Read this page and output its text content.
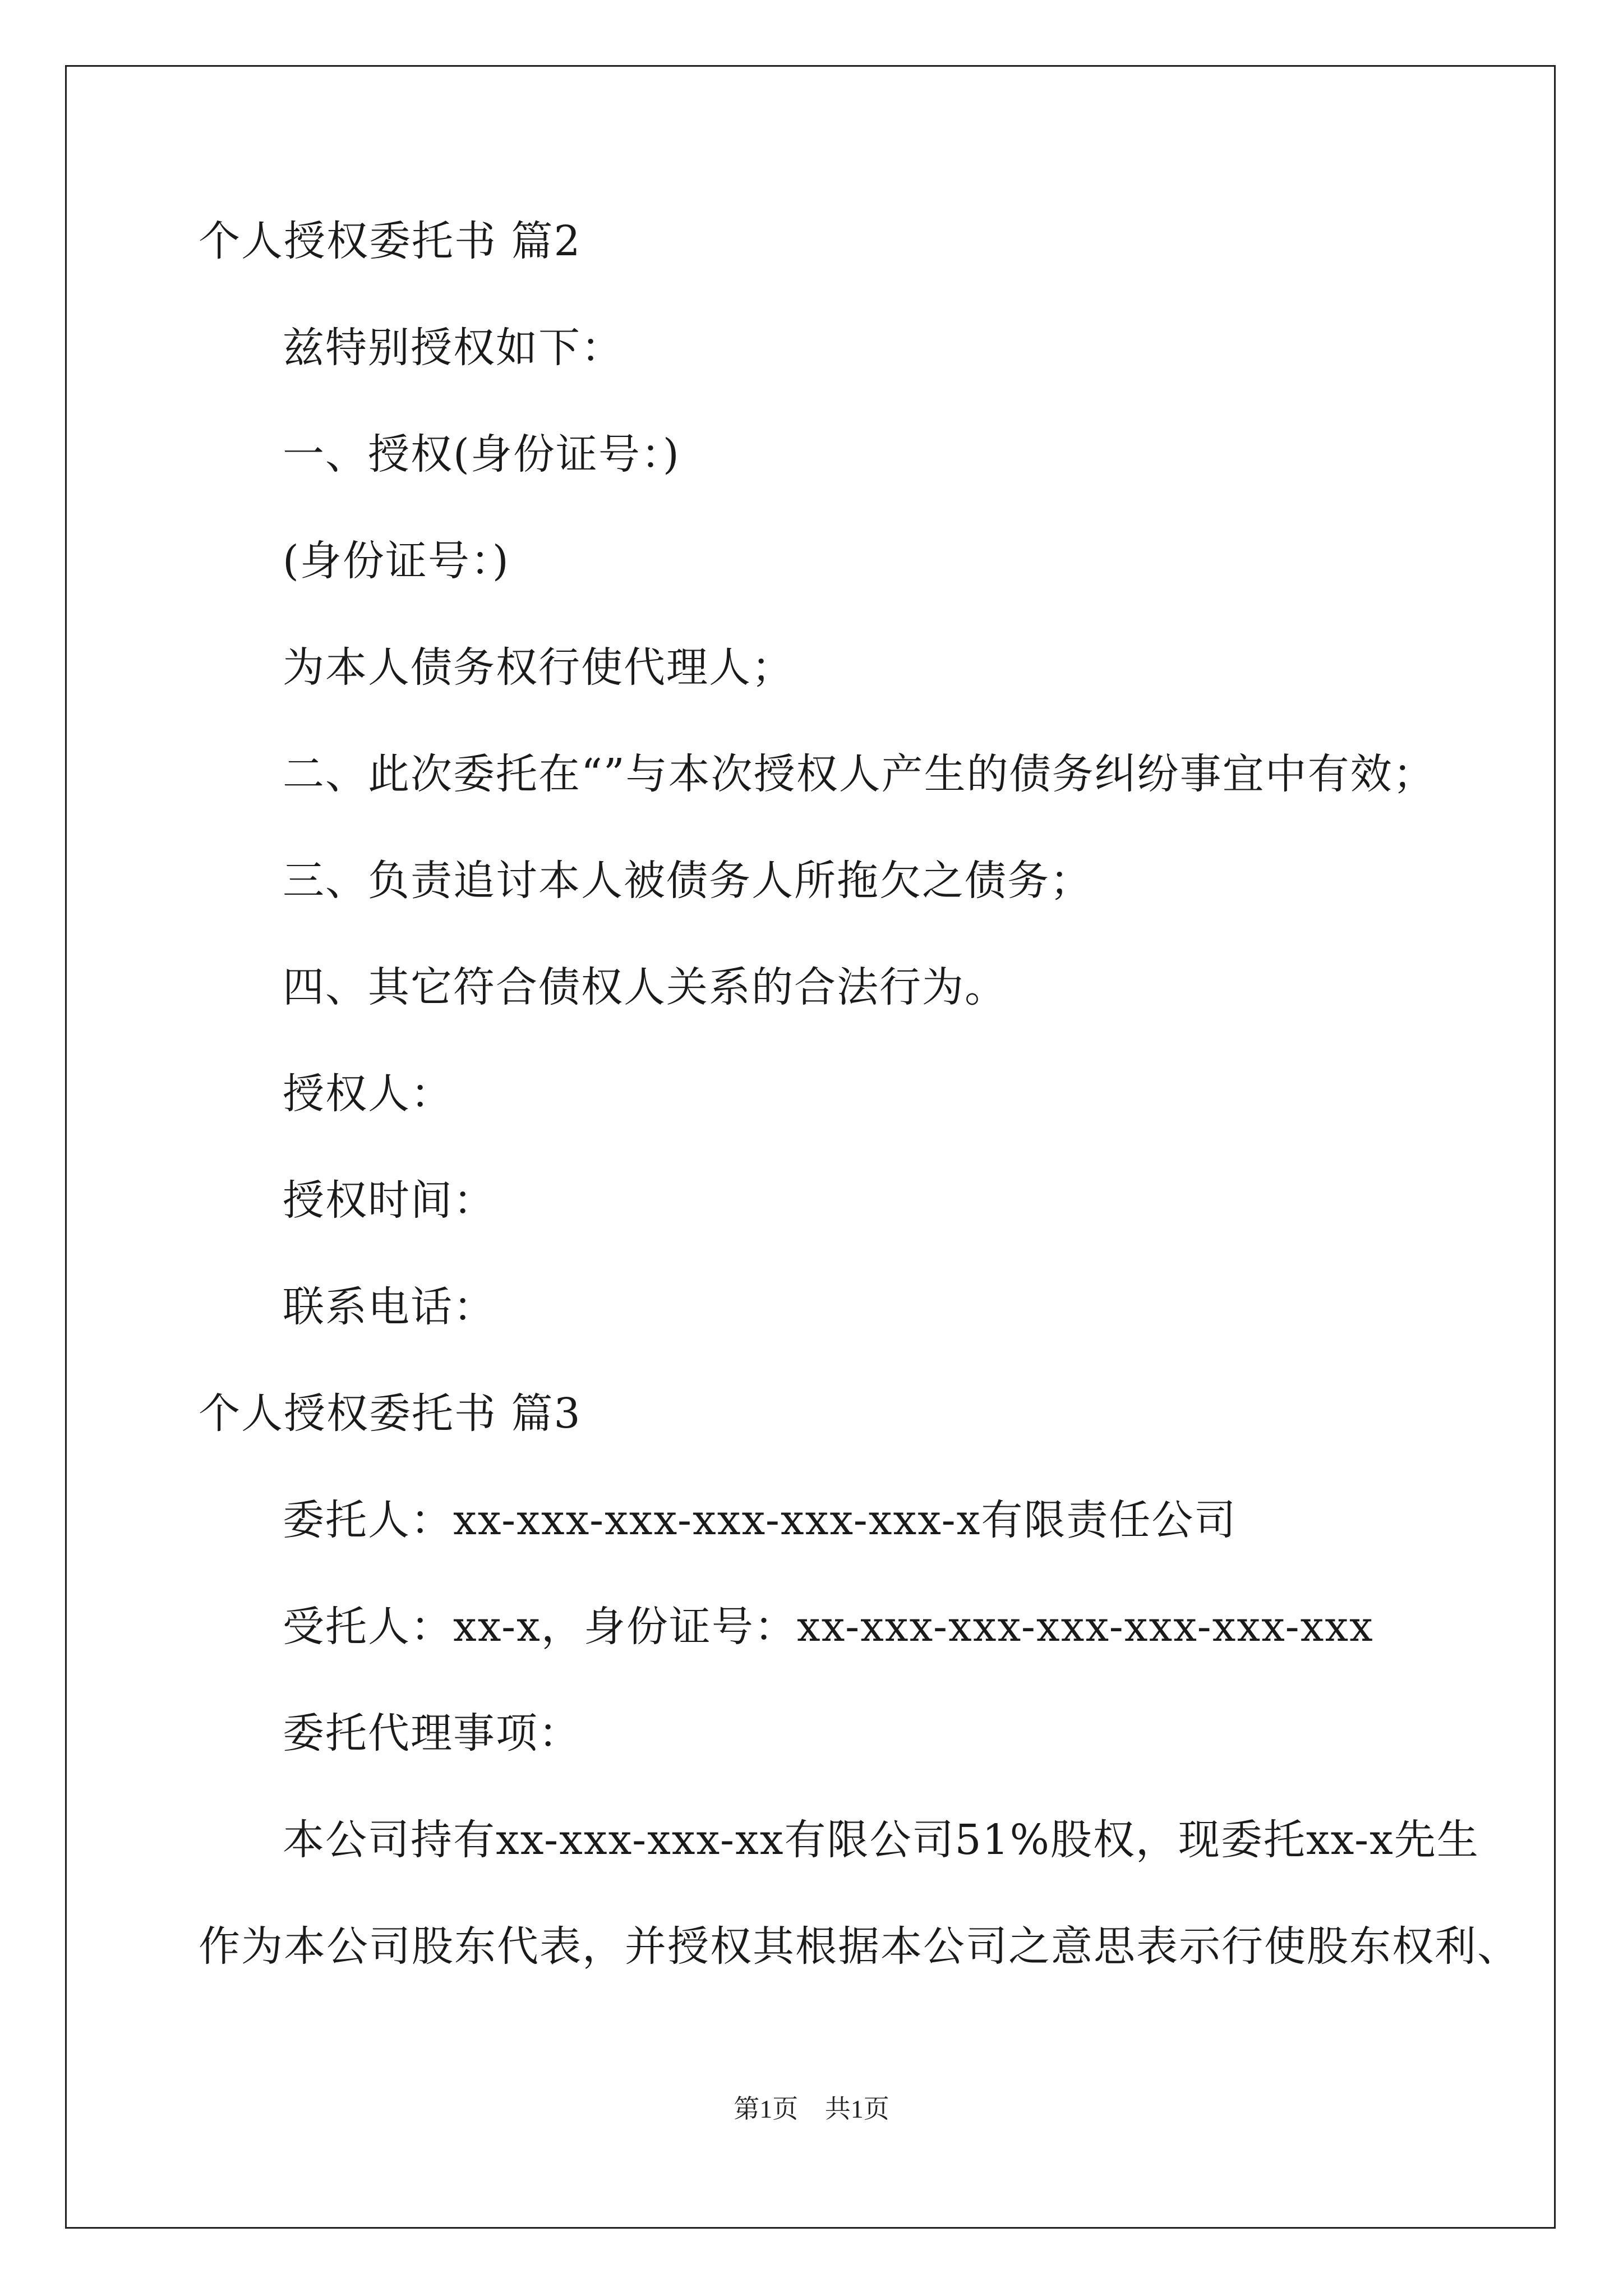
个人授权委托书 篇2
兹特别授权如下：
一、授权(身份证号：)
(身份证号：)
为本人债务权行使代理人；
二、此次委托在“”与本次授权人产生的债务纠纷事宜中有效；
三、负责追讨本人被债务人所拖欠之债务；
四、其它符合债权人关系的合法行为。
授权人：
授权时间：
联系电话：
个人授权委托书 篇3
委托人：xx-xxx-xxx-xxx-xxx-xxx-x有限责任公司
受托人：xx-x，身份证号：xx-xxx-xxx-xxx-xxx-xxx-xxx
委托代理事项：
本公司持有xx-xxx-xxx-xx有限公司51%股权，现委托xx-x先生
作为本公司股东代表，并授权其根据本公司之意思表示行使股东权利、
第1页 共1页
